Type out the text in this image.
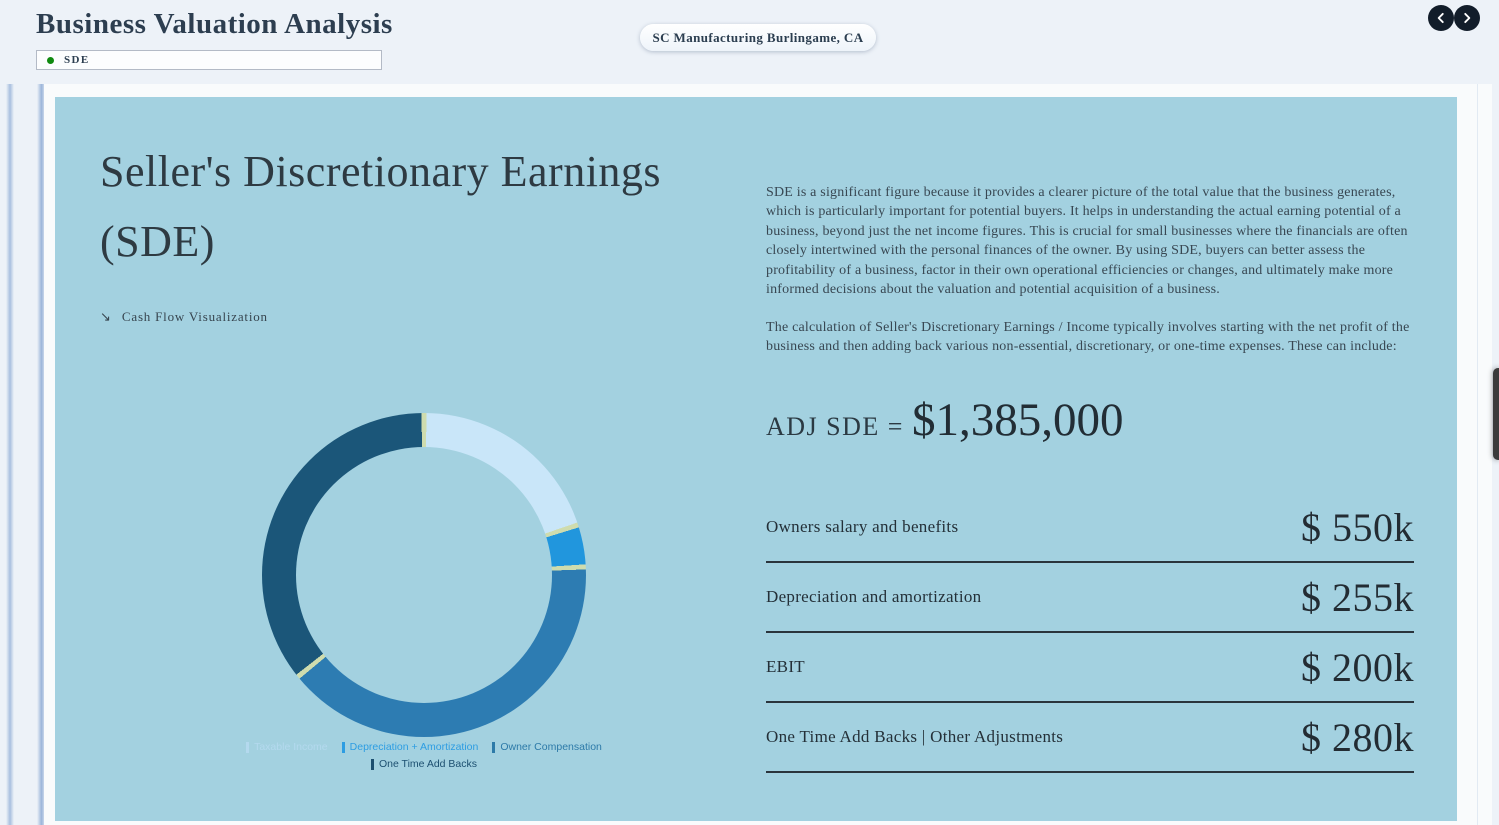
Business Valuation Analysis
SDE
SC Manufacturing Burlingame, CA
Seller's Discretionary Earnings (SDE)
↘ Cash Flow Visualization
Taxable Income Depreciation + Amortization Owner Compensation
One Time Add Backs
SDE is a significant figure because it provides a clearer picture of the total value that the business generates, which is particularly important for potential buyers. It helps in understanding the actual earning potential of a business, beyond just the net income figures. This is crucial for small businesses where the financials are often closely intertwined with the personal finances of the owner. By using SDE, buyers can better assess the profitability of a business, factor in their own operational efficiencies or changes, and ultimately make more informed decisions about the valuation and potential acquisition of a business.
The calculation of Seller's Discretionary Earnings / Income typically involves starting with the net profit of the business and then adding back various non-essential, discretionary, or one-time expenses. These can include:
ADJ SDE = $1,385,000
Owners salary and benefits	$ 550k
Depreciation and amortization	$ 255k
EBIT	$ 200k
One Time Add Backs | Other Adjustments	$ 280k
